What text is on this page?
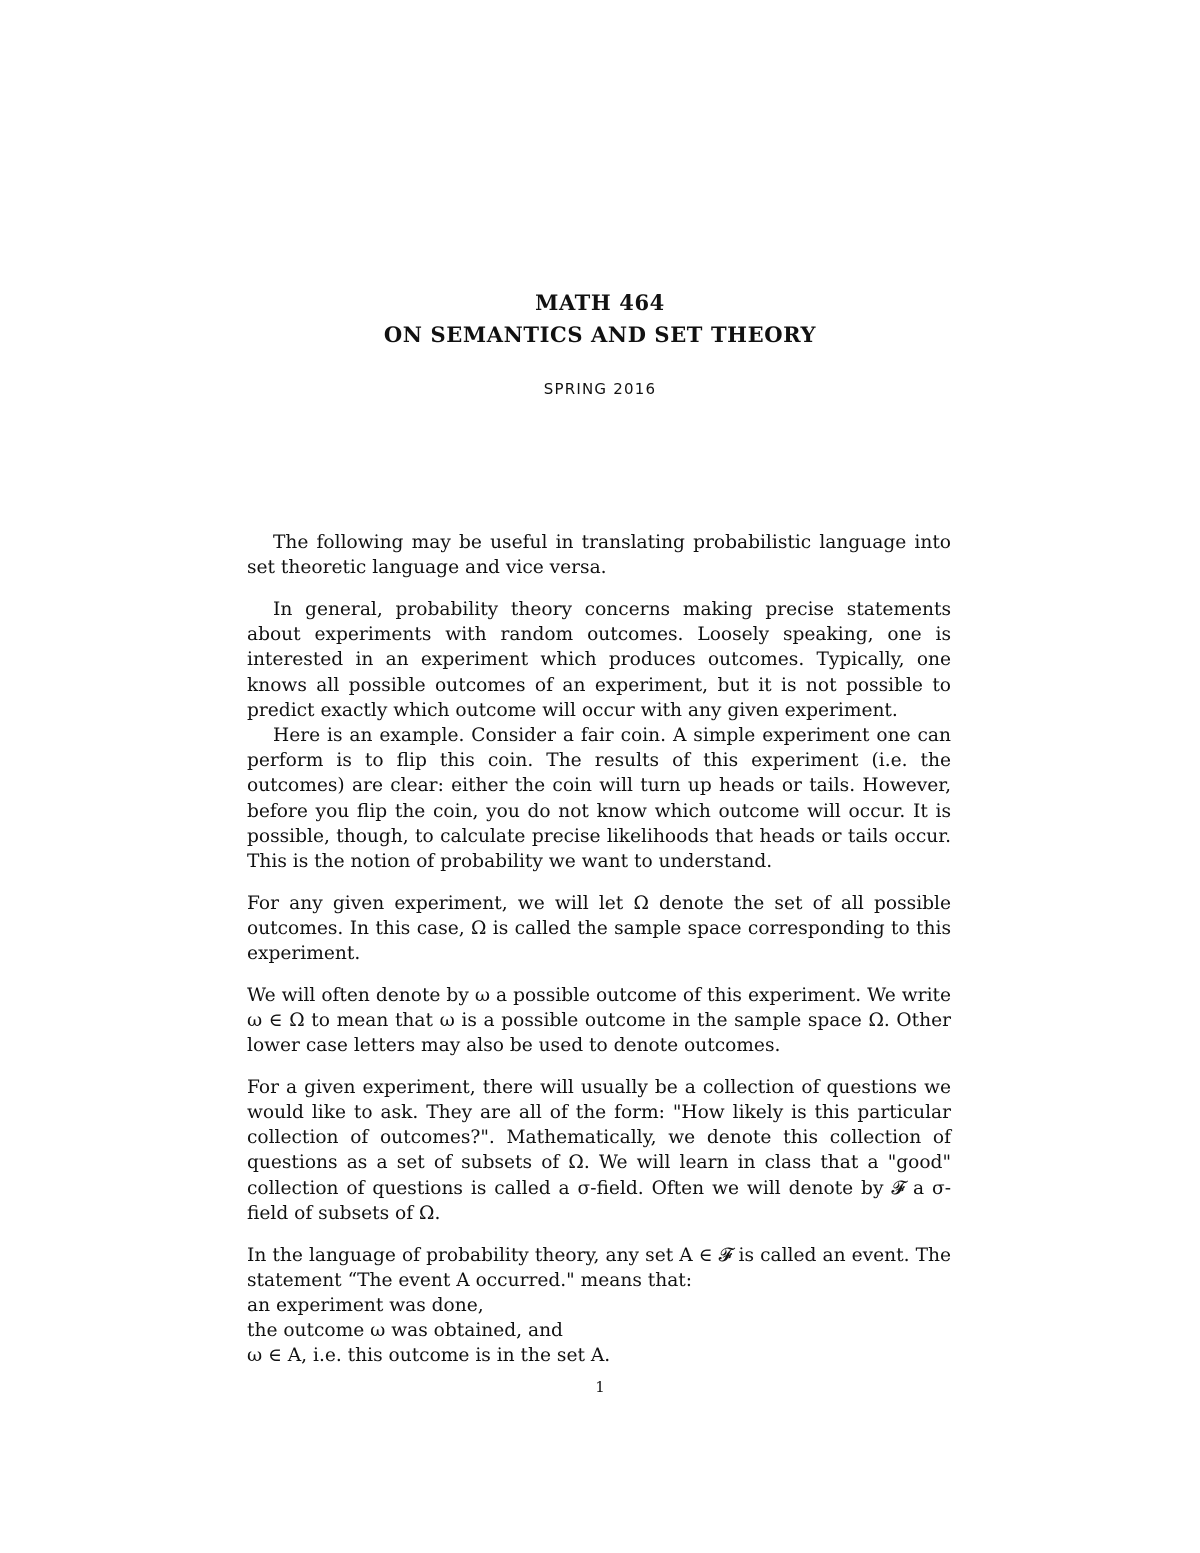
MATH 464
ON SEMANTICS AND SET THEORY
SPRING 2016

The following may be useful in translating probabilistic language into set theoretic language and vice versa.

In general, probability theory concerns making precise statements about experiments with random outcomes. Loosely speaking, one is interested in an experiment which produces outcomes. Typically, one knows all possible outcomes of an experiment, but it is not possible to predict exactly which outcome will occur with any given experiment.

Here is an example. Consider a fair coin. A simple experiment one can perform is to flip this coin. The results of this experiment (i.e. the outcomes) are clear: either the coin will turn up heads or tails. However, before you flip the coin, you do not know which outcome will occur. It is possible, though, to calculate precise likelihoods that heads or tails occur. This is the notion of probability we want to understand.

For any given experiment, we will let Ω denote the set of all possible outcomes. In this case, Ω is called the sample space corresponding to this experiment.

We will often denote by ω a possible outcome of this experiment. We write ω ∈ Ω to mean that ω is a possible outcome in the sample space Ω. Other lower case letters may also be used to denote outcomes.

For a given experiment, there will usually be a collection of questions we would like to ask. They are all of the form: "How likely is this particular collection of outcomes?". Mathematically, we denote this collection of questions as a set of subsets of Ω. We will learn in class that a "good" collection of questions is called a σ-field. Often we will denote by 𝓕 a σ-field of subsets of Ω.

In the language of probability theory, any set A ∈ 𝓕 is called an event. The statement “The event A occurred." means that:
an experiment was done,
the outcome ω was obtained, and
ω ∈ A, i.e. this outcome is in the set A.

1
